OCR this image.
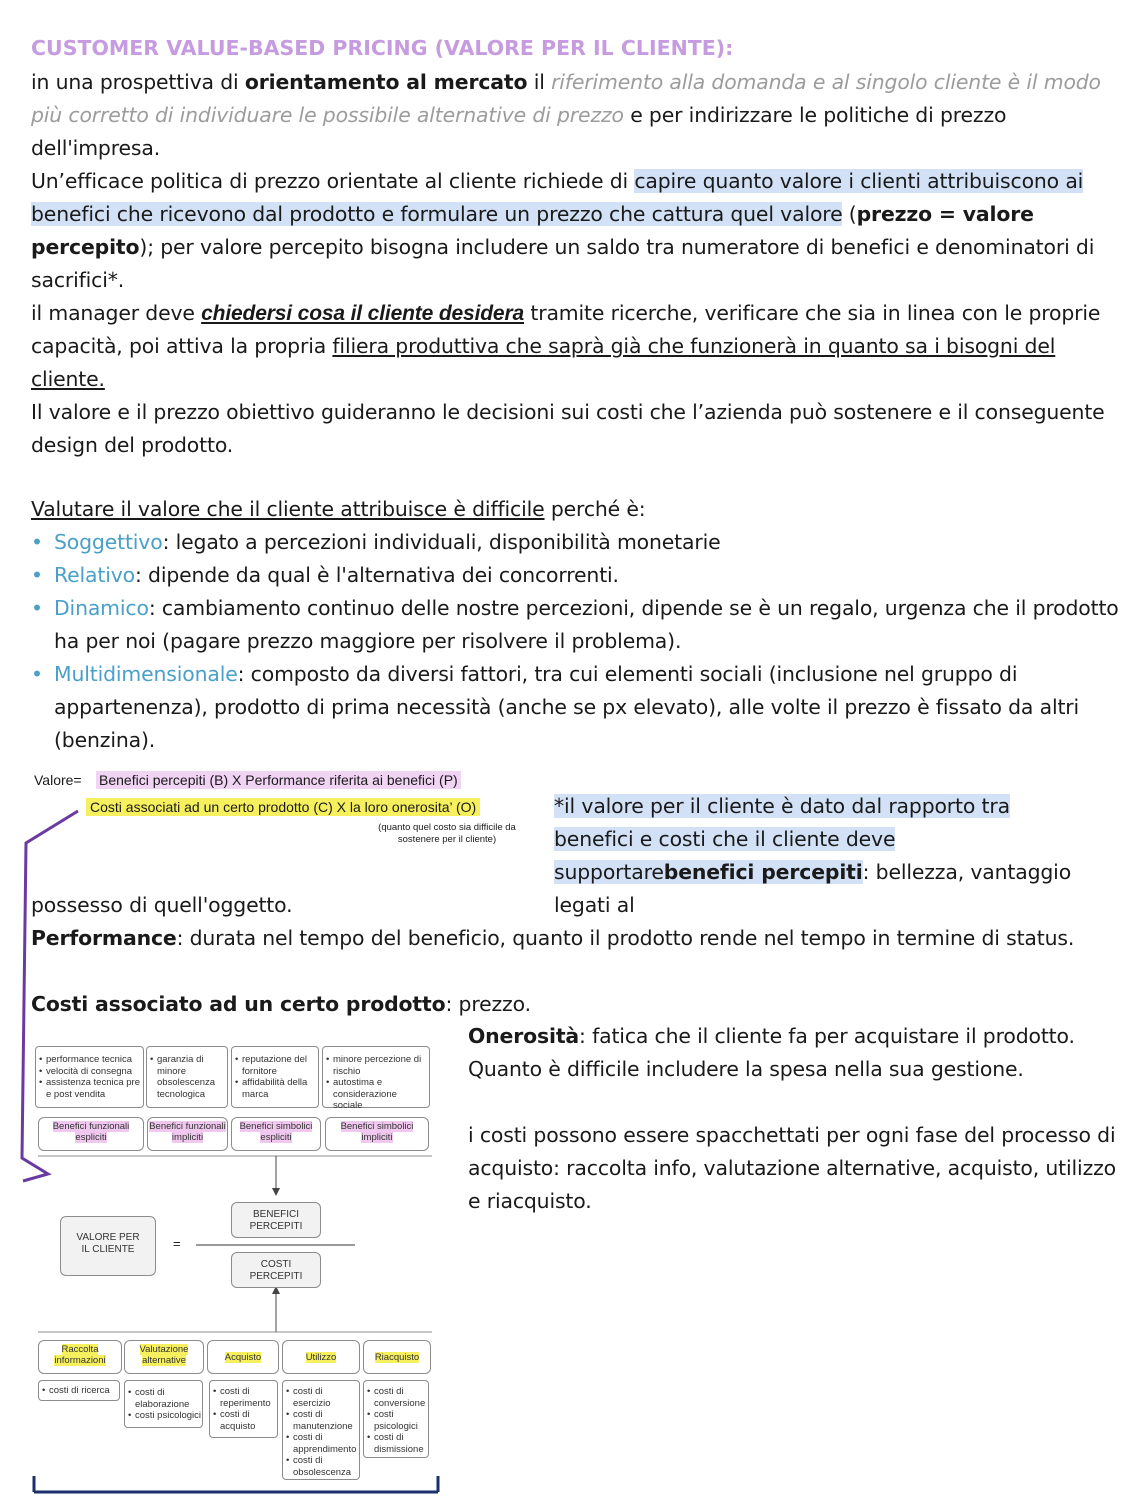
CUSTOMER VALUE-BASED PRICING (VALORE PER IL CLIENTE):

in una prospettiva di orientamento al mercato il riferimento alla domanda e al singolo cliente è il modo più corretto di individuare le possibile alternative di prezzo e per indirizzare le politiche di prezzo dell'impresa.

Un’efficace politica di prezzo orientate al cliente richiede di capire quanto valore i clienti attribuiscono ai benefici che ricevono dal prodotto e formulare un prezzo che cattura quel valore (prezzo = valore percepito); per valore percepito bisogna includere un saldo tra numeratore di benefici e denominatori di sacrifici*.

il manager deve chiedersi cosa il cliente desidera tramite ricerche, verificare che sia in linea con le proprie capacità, poi attiva la propria filiera produttiva che saprà già che funzionerà in quanto sa i bisogni del cliente.

Il valore e il prezzo obiettivo guideranno le decisioni sui costi che l’azienda può sostenere e il conseguente design del prodotto.

Valutare il valore che il cliente attribuisce è difficile perché è:

• Soggettivo: legato a percezioni individuali, disponibilità monetarie
• Relativo: dipende da qual è l'alternativa dei concorrenti.
• Dinamico: cambiamento continuo delle nostre percezioni, dipende se è un regalo, urgenza che il prodotto ha per noi (pagare prezzo maggiore per risolvere il problema).
• Multidimensionale: composto da diversi fattori, tra cui elementi sociali (inclusione nel gruppo di appartenenza), prodotto di prima necessità (anche se px elevato), alle volte il prezzo è fissato da altri (benzina).
Valore= Benefici percepiti (B) X Performance riferita ai benefici (P)
Costi associati ad un certo prodotto (C) X la loro onerosita’ (O)
(quanto quel costo sia difficile da sostenere per il cliente)

*il valore per il cliente è dato dal rapporto tra benefici e costi che il cliente deve supportarebenefici percepiti: bellezza, vantaggio legati al

possesso di quell'oggetto.

Performance: durata nel tempo del beneficio, quanto il prodotto rende nel tempo in termine di status.

Costi associato ad un certo prodotto: prezzo.

Onerosità: fatica che il cliente fa per acquistare il prodotto. Quanto è difficile includere la spesa nella sua gestione.

i costi possono essere spacchettati per ogni fase del processo di acquisto: raccolta info, valutazione alternative, acquisto, utilizzo e riacquisto.

• performance tecnica
• velocità di consegna
• assistenza tecnica pre e post vendita
• garanzia di minore obsolescenza tecnologica
• reputazione del fornitore
• affidabilità della marca
• minore percezione di rischio
• autostima e considerazione sociale
Benefici funzionali espliciti
Benefici funzionali impliciti
Benefici simbolici espliciti
Benefici simbolici impliciti
VALORE PER IL CLIENTE	=
BENEFICI PERCEPITI
COSTI PERCEPITI
Raccolta informazioni
Valutazione alternative	Acquisto	Utilizzo	Riacquisto
• costi di ricerca
•	costi di elaborazione
• costi psicologici
• costi di reperimento
• costi di acquisto
• costi di esercizio
• costi di manutenzione
• costi di apprendimento
• costi di obsolescenza
• costi di conversione
• costi psicologici
• costi di dismissione
